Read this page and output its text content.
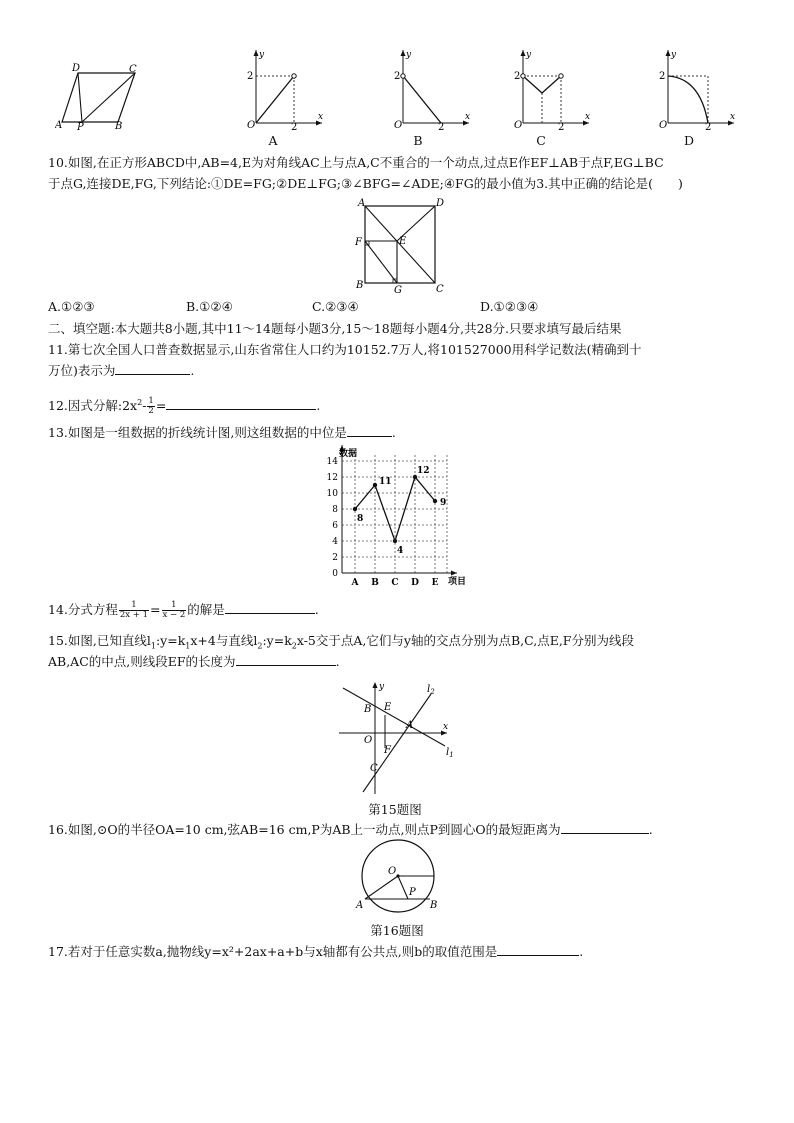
D	C
A P	B
y
x
O
2
2
A
y
x
O
2
2
B
y
x
O
2
2
C
y
x
O
2
2
D
10.如图,在正方形ABCD中,AB=4,E为对角线AC上与点A,C不重合的一个动点,过点E作EF⊥AB于点F,EG⊥BC
于点G,连接DE,FG,下列结论:①DE=FG;②DE⊥FG;③∠BFG=∠ADE;④FG的最小值为3.其中正确的结论是(　　)
A	D
F	E
B	G	C
A.①②③	B.①②④	C.②③④	D.①②③④
二、填空题:本大题共8小题,其中11～14题每小题3分,15～18题每小题4分,共28分.只要求填写最后结果
11.第七次全国人口普查数据显示,山东省常住人口约为10152.7万人,将101527000用科学记数法(精确到十
万位)表示为	.
12.因式分解$:2x^2- \frac{1}{2}$ =	.
13.如图是一组数据的折线统计图,则这组数据的中位是	.
0
2
4
6
8
10
12
14
A B C D E
8
11
4
12
9
数据
项目
14.分式方程 $\frac{1}{2x + 1} = \frac{1}{x - 2}$ 的解是	.
15.如图,已知直线$l_1:y=k_1x+4$与直线$l_2:y=k_2x-5$交于点A,它们与y轴的交点分别为点B,C,点E,F分别为线段
AB,AC的中点,则线段EF的长度为	.
y
x
O
B E
A
F
C
$l_1$
$l_2$
第15题图
16.如图,⊙O的半径OA=10 cm,弦AB=16 cm,P为AB上一动点,则点P到圆心O的最短距离为	.
O
P
A	B
第16题图
17.若对于任意实数a,抛物线y=x²+2ax+a+b与x轴都有公共点,则b的取值范围是	.
